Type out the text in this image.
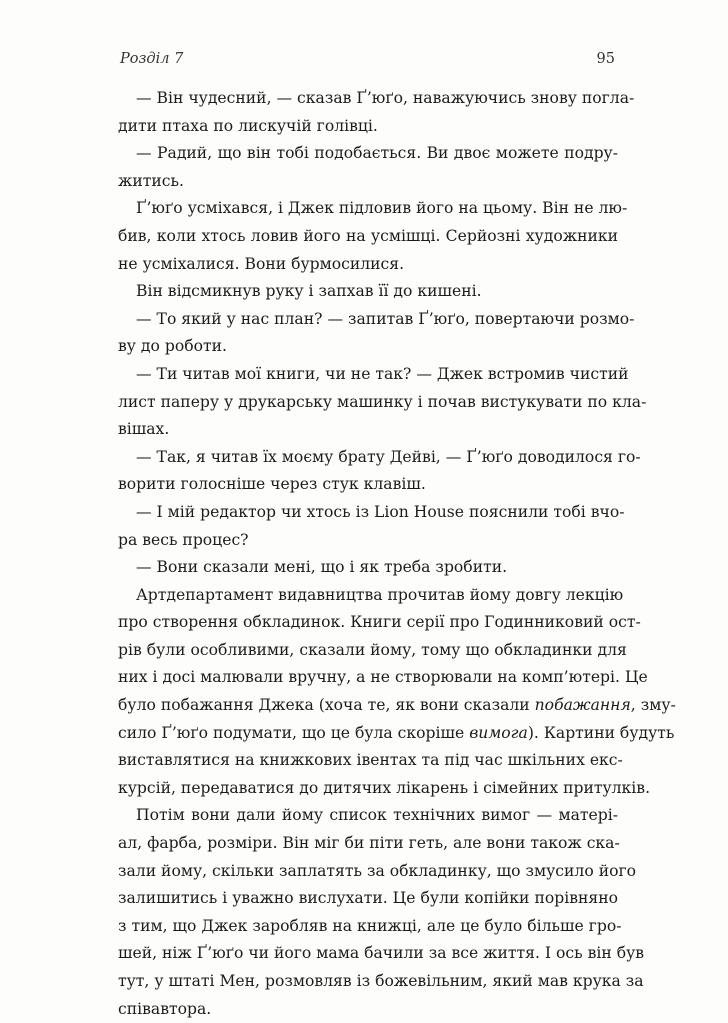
Розділ 7	95
— Він чудесний, — сказав Ґ’юґо, наважуючись знову погла-
дити птаха по лискучій голівці.
— Радий, що він тобі подобається. Ви двоє можете подру-
житись.
Ґ’юґо усміхався, і Джек підловив його на цьому. Він не лю-
бив, коли хтось ловив його на усмішці. Серйозні художники
не усміхалися. Вони бурмосилися.
Він відсмикнув руку і запхав її до кишені.
— То який у нас план? — запитав Ґ’юґо, повертаючи розмо-
ву до роботи.
— Ти читав мої книги, чи не так? — Джек встромив чистий
лист паперу у друкарську машинку і почав вистукувати по кла-
вішах.
— Так, я читав їх моєму брату Дейві, — Ґ’юґо доводилося го-
ворити голосніше через стук клавіш.
— І мій редактор чи хтось із Lion House пояснили тобі вчо-
ра весь процес?
— Вони сказали мені, що і як треба зробити.
Артдепартамент видавництва прочитав йому довгу лекцію
про створення обкладинок. Книги серії про Годинниковий ост-
рів були особливими, сказали йому, тому що обкладинки для
них і досі малювали вручну, а не створювали на комп’ютері. Це
було побажання Джека (хоча те, як вони сказали побажання, зму-
сило Ґ’юґо подумати, що це була скоріше вимога). Картини будуть
виставлятися на книжкових івентах та під час шкільних екс-
курсій, передаватися до дитячих лікарень і сімейних притулків.
Потім вони дали йому список технічних вимог — матері-
ал, фарба, розміри. Він міг би піти геть, але вони також ска-
зали йому, скільки заплатять за обкладинку, що змусило його
залишитись і уважно вислухати. Це були копійки порівняно
з тим, що Джек заробляв на книжці, але це було більше гро-
шей, ніж Ґ’юґо чи його мама бачили за все життя. І ось він був
тут, у штаті Мен, розмовляв із божевільним, який мав крука за
співавтора.
